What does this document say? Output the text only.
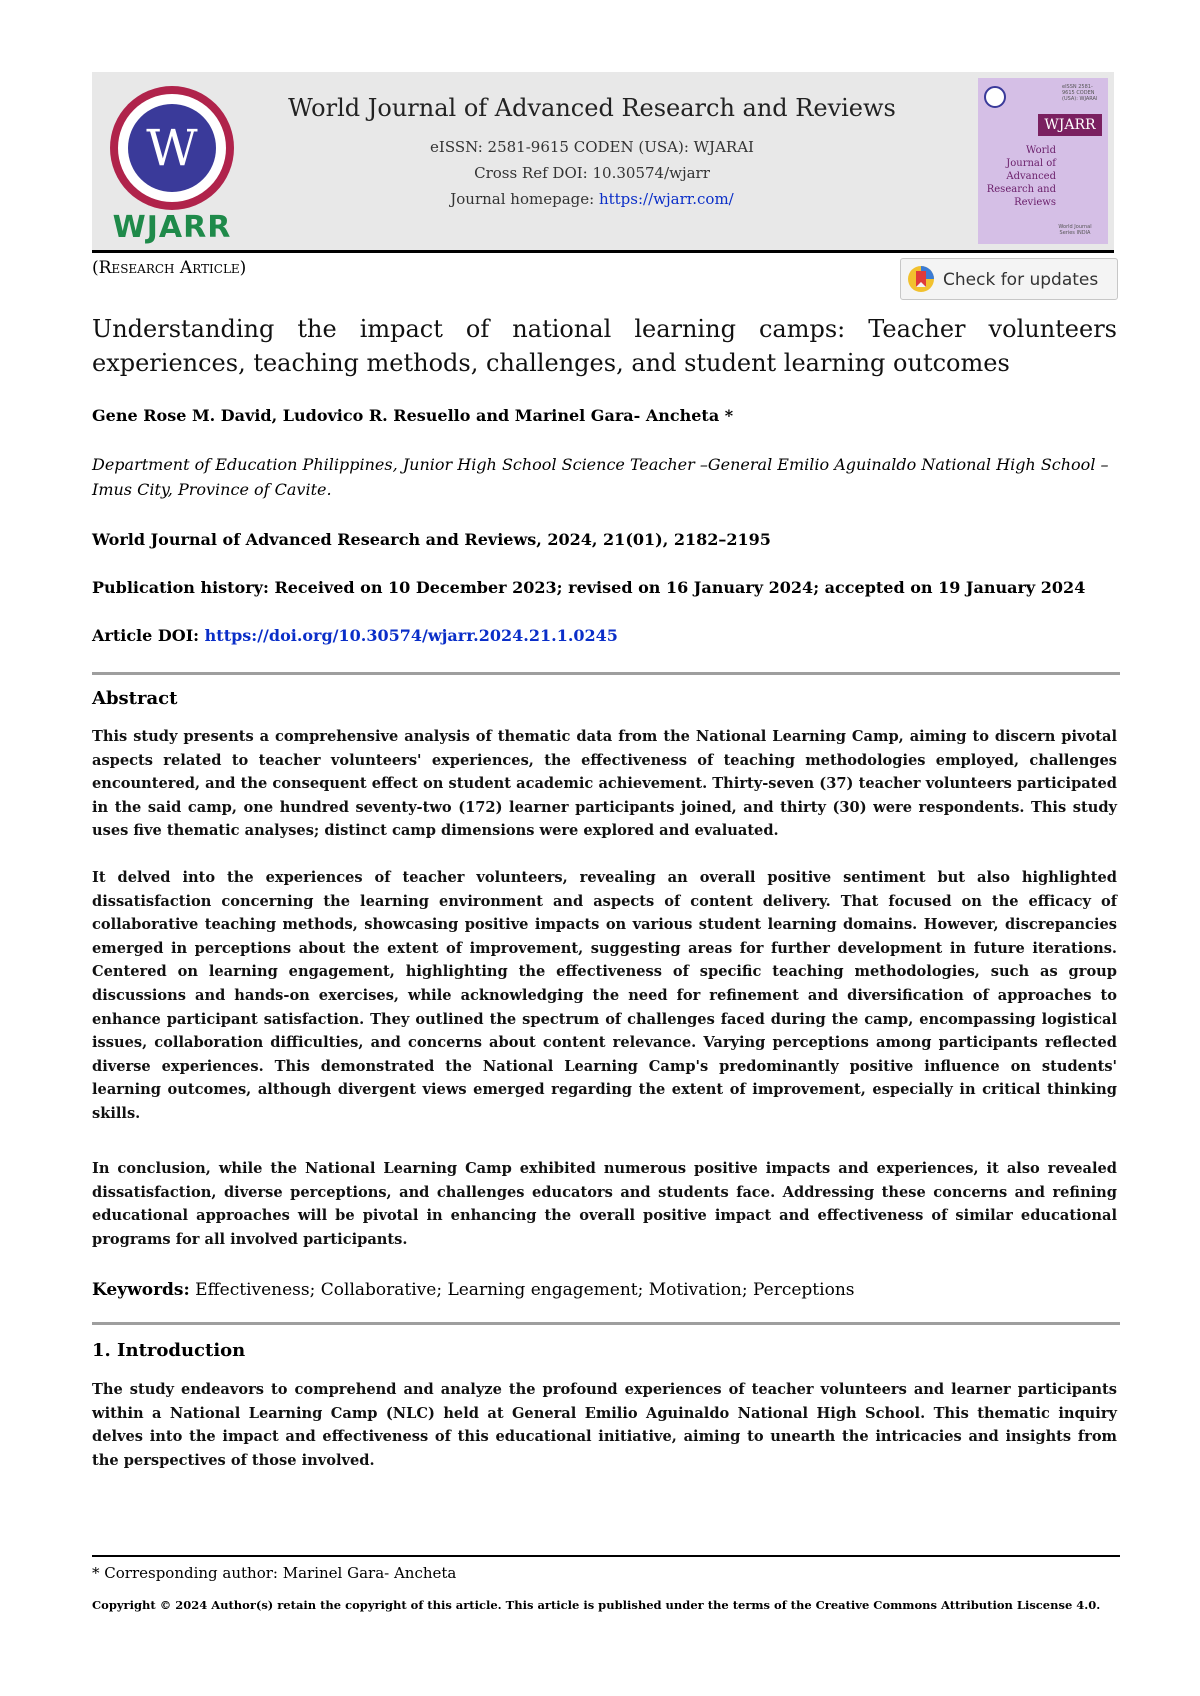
W
WJARR
World Journal of Advanced Research and Reviews
eISSN: 2581-9615 CODEN (USA): WJARAI
Cross Ref DOI: 10.30574/wjarr
Journal homepage: https://wjarr.com/
eISSN 2581-9615 CODEN (USA): WJARAI
WJARR
World Journal of Advanced Research and Reviews
World Journal Series INDIA
(Research Article)
Check for updates
Understanding the impact of national learning camps: Teacher volunteers experiences, teaching methods, challenges, and student learning outcomes
Gene Rose M. David, Ludovico R. Resuello and Marinel Gara- Ancheta *
Department of Education Philippines, Junior High School Science Teacher –General Emilio Aguinaldo National High School –Imus City, Province of Cavite.
World Journal of Advanced Research and Reviews, 2024, 21(01), 2182–2195
Publication history: Received on 10 December 2023; revised on 16 January 2024; accepted on 19 January 2024
Article DOI: https://doi.org/10.30574/wjarr.2024.21.1.0245
Abstract
This study presents a comprehensive analysis of thematic data from the National Learning Camp, aiming to discern pivotal aspects related to teacher volunteers' experiences, the effectiveness of teaching methodologies employed, challenges encountered, and the consequent effect on student academic achievement. Thirty-seven (37) teacher volunteers participated in the said camp, one hundred seventy-two (172) learner participants joined, and thirty (30) were respondents. This study uses five thematic analyses; distinct camp dimensions were explored and evaluated.
It delved into the experiences of teacher volunteers, revealing an overall positive sentiment but also highlighted dissatisfaction concerning the learning environment and aspects of content delivery. That focused on the efficacy of collaborative teaching methods, showcasing positive impacts on various student learning domains. However, discrepancies emerged in perceptions about the extent of improvement, suggesting areas for further development in future iterations. Centered on learning engagement, highlighting the effectiveness of specific teaching methodologies, such as group discussions and hands-on exercises, while acknowledging the need for refinement and diversification of approaches to enhance participant satisfaction. They outlined the spectrum of challenges faced during the camp, encompassing logistical issues, collaboration difficulties, and concerns about content relevance. Varying perceptions among participants reflected diverse experiences. This demonstrated the National Learning Camp's predominantly positive influence on students' learning outcomes, although divergent views emerged regarding the extent of improvement, especially in critical thinking skills.
In conclusion, while the National Learning Camp exhibited numerous positive impacts and experiences, it also revealed dissatisfaction, diverse perceptions, and challenges educators and students face. Addressing these concerns and refining educational approaches will be pivotal in enhancing the overall positive impact and effectiveness of similar educational programs for all involved participants.
Keywords: Effectiveness; Collaborative; Learning engagement; Motivation; Perceptions
1. Introduction
The study endeavors to comprehend and analyze the profound experiences of teacher volunteers and learner participants within a National Learning Camp (NLC) held at General Emilio Aguinaldo National High School. This thematic inquiry delves into the impact and effectiveness of this educational initiative, aiming to unearth the intricacies and insights from the perspectives of those involved.
* Corresponding author: Marinel Gara- Ancheta
Copyright © 2024 Author(s) retain the copyright of this article. This article is published under the terms of the Creative Commons Attribution Liscense 4.0.
